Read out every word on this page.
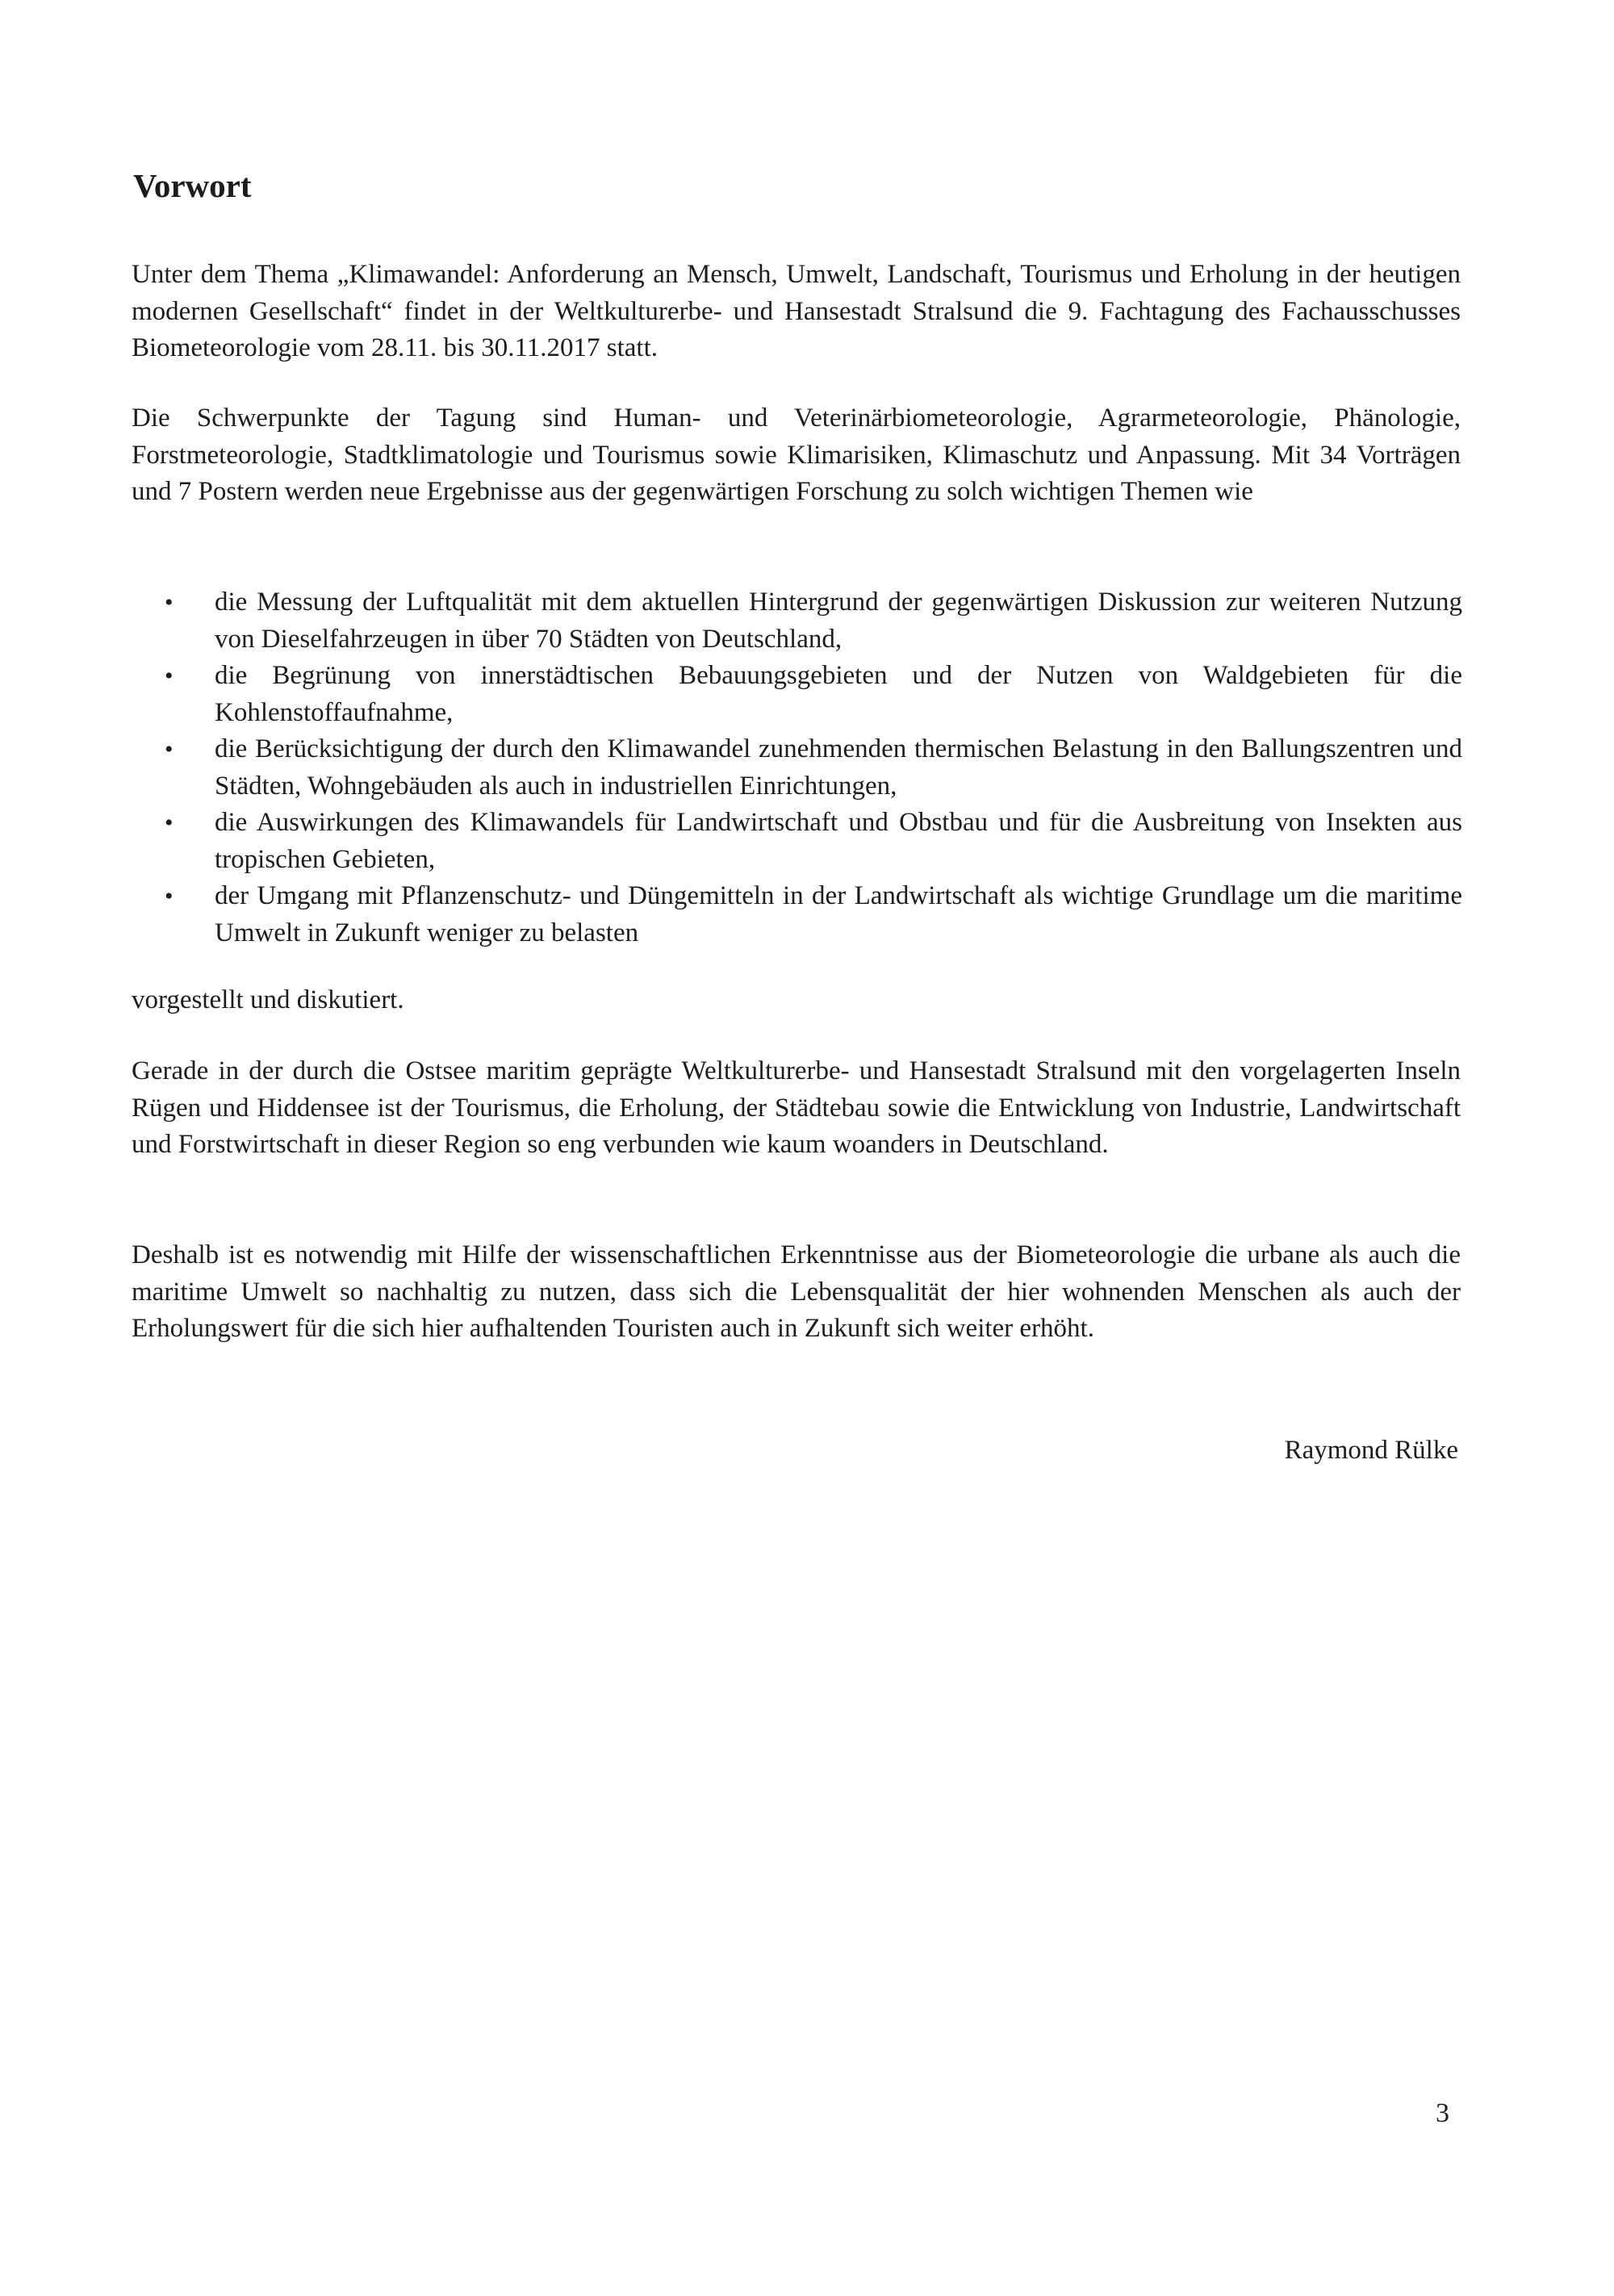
Vorwort

Unter dem Thema „Klimawandel: Anforderung an Mensch, Umwelt, Landschaft, Tourismus und Erholung in der heutigen modernen Gesellschaft“ findet in der Weltkulturerbe- und Hansestadt Stralsund die 9. Fachtagung des Fachausschusses Biometeorologie vom 28.11. bis 30.11.2017 statt.

Die Schwerpunkte der Tagung sind Human- und Veterinärbiometeorologie, Agrarmeteorologie, Phänologie, Forstmeteorologie, Stadtklimatologie und Tourismus sowie Klimarisiken, Klimaschutz und Anpassung. Mit 34 Vorträgen und 7 Postern werden neue Ergebnisse aus der gegenwärtigen Forschung zu solch wichtigen Themen wie

• die Messung der Luftqualität mit dem aktuellen Hintergrund der gegenwärtigen Diskussion zur weiteren Nutzung von Dieselfahrzeugen in über 70 Städten von Deutschland,
• die Begrünung von innerstädtischen Bebauungsgebieten und der Nutzen von Waldgebieten für die Kohlenstoffaufnahme,
• die Berücksichtigung der durch den Klimawandel zunehmenden thermischen Belastung in den Ballungszentren und Städten, Wohngebäuden als auch in industriellen Einrichtungen,
• die Auswirkungen des Klimawandels für Landwirtschaft und Obstbau und für die Ausbreitung von Insekten aus tropischen Gebieten,
• der Umgang mit Pflanzenschutz- und Düngemitteln in der Landwirtschaft als wichtige Grundlage um die maritime Umwelt in Zukunft weniger zu belasten

vorgestellt und diskutiert.

Gerade in der durch die Ostsee maritim geprägte Weltkulturerbe- und Hansestadt Stralsund mit den vorgelagerten Inseln Rügen und Hiddensee ist der Tourismus, die Erholung, der Städtebau sowie die Entwicklung von Industrie, Landwirtschaft und Forstwirtschaft in dieser Region so eng verbunden wie kaum woanders in Deutschland.

Deshalb ist es notwendig mit Hilfe der wissenschaftlichen Erkenntnisse aus der Biometeorologie die urbane als auch die maritime Umwelt so nachhaltig zu nutzen, dass sich die Lebensqualität der hier wohnenden Menschen als auch der Erholungswert für die sich hier aufhaltenden Touristen auch in Zukunft sich weiter erhöht.

Raymond Rülke

3
